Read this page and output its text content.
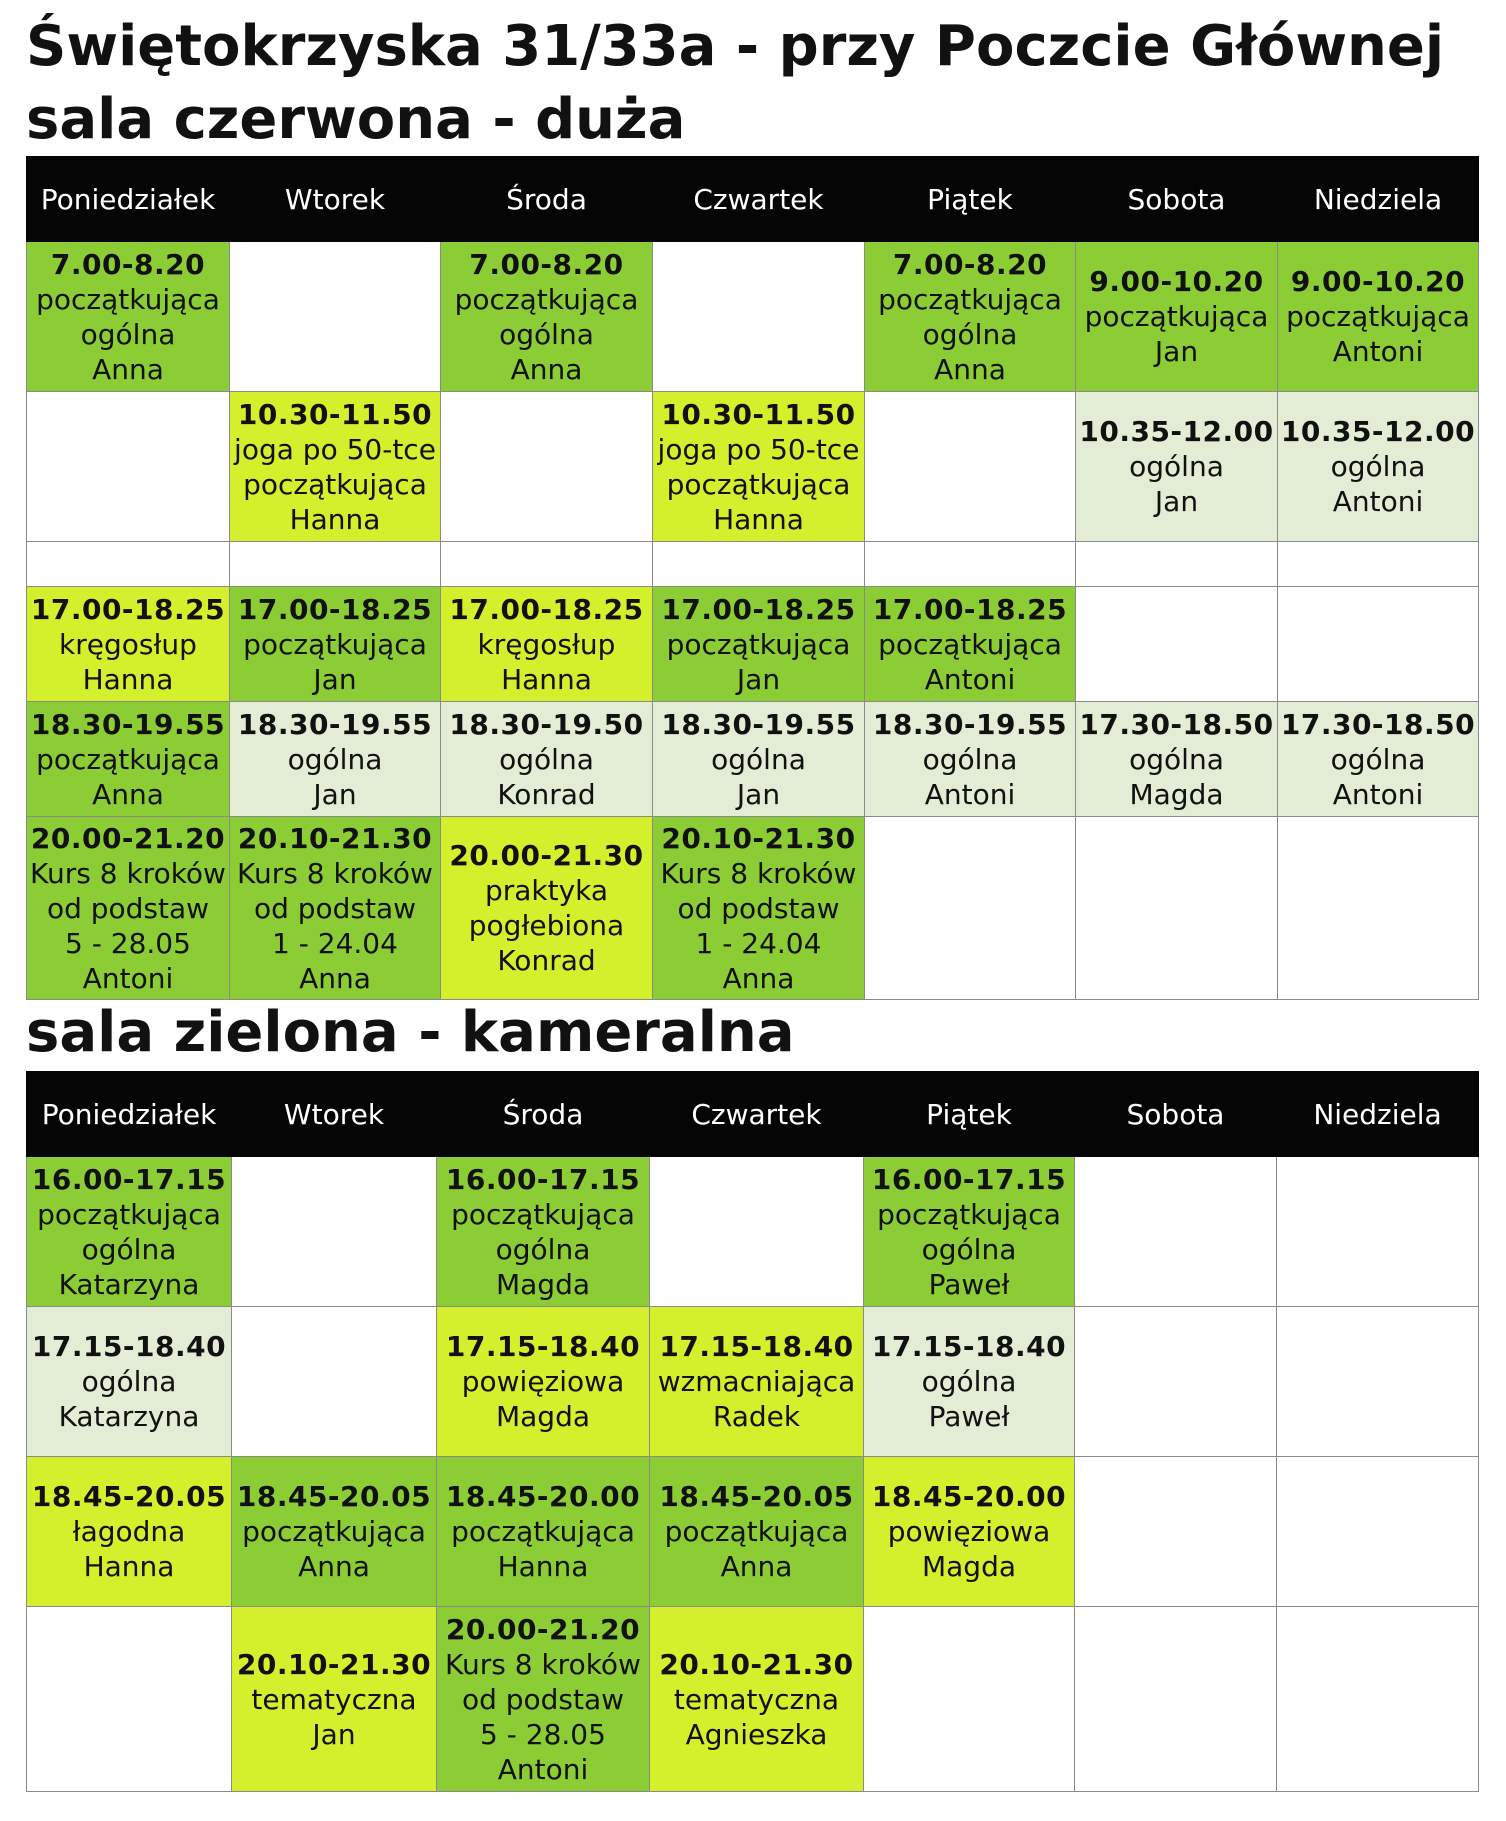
Świętokrzyska 31/33a - przy Poczcie Głównej
sala czerwona - duża
Poniedziałek	Wtorek	Środa	Czwartek	Piątek	Sobota	Niedziela

7.00-8.20
początkująca
ogólna
Anna		7.00-8.20
początkująca
ogólna
Anna		7.00-8.20
początkująca
ogólna
Anna	9.00-10.20
początkująca
Jan	9.00-10.20
początkująca
Antoni

	10.30-11.50
joga po 50-tce
początkująca
Hanna		10.30-11.50
joga po 50-tce
początkująca
Hanna		10.35-12.00
ogólna
Jan	10.35-12.00
ogólna
Antoni

17.00-18.25
kręgosłup
Hanna	17.00-18.25
początkująca
Jan	17.00-18.25
kręgosłup
Hanna	17.00-18.25
początkująca
Jan	17.00-18.25
początkująca
Antoni		

18.30-19.55
początkująca
Anna	18.30-19.55
ogólna
Jan	18.30-19.50
ogólna
Konrad	18.30-19.55
ogólna
Jan	18.30-19.55
ogólna
Antoni	17.30-18.50
ogólna
Magda	17.30-18.50
ogólna
Antoni

20.00-21.20
Kurs 8 kroków
od podstaw
5 - 28.05
Antoni	20.10-21.30
Kurs 8 kroków
od podstaw
1 - 24.04
Anna	20.00-21.30
praktyka
pogłebiona
Konrad	20.10-21.30
Kurs 8 kroków
od podstaw
1 - 24.04
Anna			

sala zielona - kameralna
Poniedziałek	Wtorek	Środa	Czwartek	Piątek	Sobota	Niedziela

16.00-17.15
początkująca
ogólna
Katarzyna		16.00-17.15
początkująca
ogólna
Magda		16.00-17.15
początkująca
ogólna
Paweł		

17.15-18.40
ogólna
Katarzyna		17.15-18.40
powięziowa
Magda	17.15-18.40
wzmacniająca
Radek	17.15-18.40
ogólna
Paweł		

18.45-20.05
łagodna
Hanna	18.45-20.05
początkująca
Anna	18.45-20.00
początkująca
Hanna	18.45-20.05
początkująca
Anna	18.45-20.00
powięziowa
Magda		

	20.10-21.30
tematyczna
Jan	20.00-21.20
Kurs 8 kroków
od podstaw
5 - 28.05
Antoni	20.10-21.30
tematyczna
Agnieszka			
